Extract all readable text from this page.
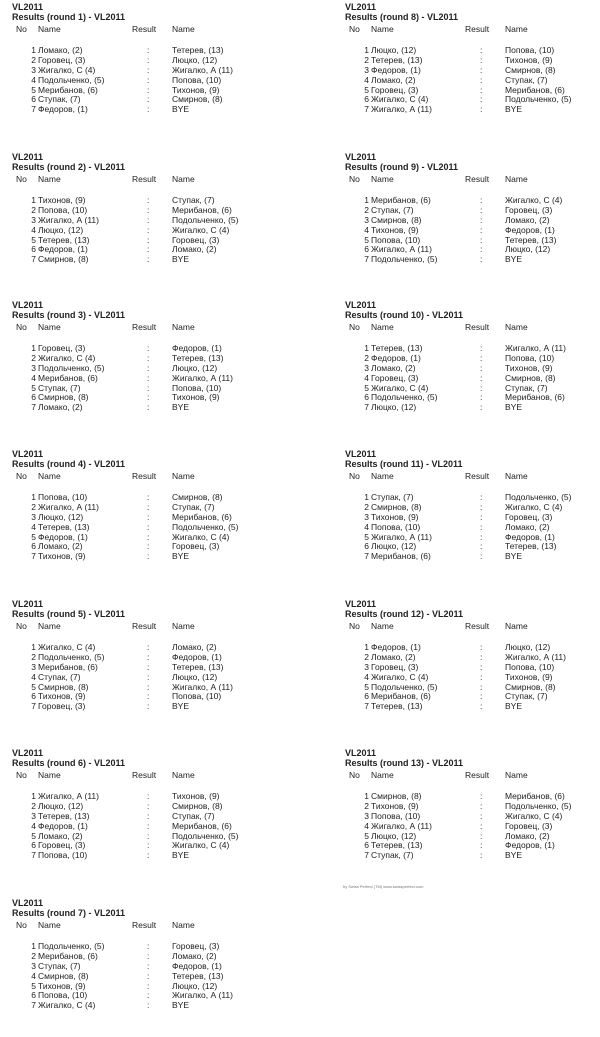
VL2011
Results (round 1) - VL2011
No Name	Result Name
1 Ломако, (2)	:	Тетерев, (13)
2 Горовец, (3)	:	Люцко, (12)
3 Жигалко, С (4)	:	Жигалко, А (11)
4 Подольченко, (5)	:	Попова, (10)
5 Мерибанов, (6)	:	Тихонов, (9)
6 Ступак, (7)	:	Смирнов, (8)
7 Федоров, (1)	:	BYE
VL2011
Results (round 2) - VL2011
No Name	Result Name
1 Тихонов, (9)	:	Ступак, (7)
2 Попова, (10)	:	Мерибанов, (6)
3 Жигалко, А (11)	:	Подольченко, (5)
4 Люцко, (12)	:	Жигалко, С (4)
5 Тетерев, (13)	:	Горовец, (3)
6 Федоров, (1)	:	Ломако, (2)
7 Смирнов, (8)	:	BYE
VL2011
Results (round 3) - VL2011
No Name	Result Name
1 Горовец, (3)	:	Федоров, (1)
2 Жигалко, С (4)	:	Тетерев, (13)
3 Подольченко, (5)	:	Люцко, (12)
4 Мерибанов, (6)	:	Жигалко, А (11)
5 Ступак, (7)	:	Попова, (10)
6 Смирнов, (8)	:	Тихонов, (9)
7 Ломако, (2)	:	BYE
VL2011
Results (round 4) - VL2011
No Name	Result Name
1 Попова, (10)	:	Смирнов, (8)
2 Жигалко, А (11)	:	Ступак, (7)
3 Люцко, (12)	:	Мерибанов, (6)
4 Тетерев, (13)	:	Подольченко, (5)
5 Федоров, (1)	:	Жигалко, С (4)
6 Ломако, (2)	:	Горовец, (3)
7 Тихонов, (9)	:	BYE
VL2011
Results (round 5) - VL2011
No Name	Result Name
1 Жигалко, С (4)	:	Ломако, (2)
2 Подольченко, (5)	:	Федоров, (1)
3 Мерибанов, (6)	:	Тетерев, (13)
4 Ступак, (7)	:	Люцко, (12)
5 Смирнов, (8)	:	Жигалко, А (11)
6 Тихонов, (9)	:	Попова, (10)
7 Горовец, (3)	:	BYE
VL2011
Results (round 6) - VL2011
No Name	Result Name
1 Жигалко, А (11)	:	Тихонов, (9)
2 Люцко, (12)	:	Смирнов, (8)
3 Тетерев, (13)	:	Ступак, (7)
4 Федоров, (1)	:	Мерибанов, (6)
5 Ломако, (2)	:	Подольченко, (5)
6 Горовец, (3)	:	Жигалко, С (4)
7 Попова, (10)	:	BYE
VL2011
Results (round 7) - VL2011
No Name	Result Name
1 Подольченко, (5)	:	Горовец, (3)
2 Мерибанов, (6)	:	Ломако, (2)
3 Ступак, (7)	:	Федоров, (1)
4 Смирнов, (8)	:	Тетерев, (13)
5 Тихонов, (9)	:	Люцко, (12)
6 Попова, (10)	:	Жигалко, А (11)
7 Жигалко, С (4)	:	BYE
VL2011
Results (round 8) - VL2011
No Name	Result Name
1 Люцко, (12)	:	Попова, (10)
2 Тетерев, (13)	:	Тихонов, (9)
3 Федоров, (1)	:	Смирнов, (8)
4 Ломако, (2)	:	Ступак, (7)
5 Горовец, (3)	:	Мерибанов, (6)
6 Жигалко, С (4)	:	Подольченко, (5)
7 Жигалко, А (11)	:	BYE
VL2011
Results (round 9) - VL2011
No Name	Result Name
1 Мерибанов, (6)	:	Жигалко, С (4)
2 Ступак, (7)	:	Горовец, (3)
3 Смирнов, (8)	:	Ломако, (2)
4 Тихонов, (9)	:	Федоров, (1)
5 Попова, (10)	:	Тетерев, (13)
6 Жигалко, А (11)	:	Люцко, (12)
7 Подольченко, (5)	:	BYE
VL2011
Results (round 10) - VL2011
No Name	Result Name
1 Тетерев, (13)	:	Жигалко, А (11)
2 Федоров, (1)	:	Попова, (10)
3 Ломако, (2)	:	Тихонов, (9)
4 Горовец, (3)	:	Смирнов, (8)
5 Жигалко, С (4)	:	Ступак, (7)
6 Подольченко, (5)	:	Мерибанов, (6)
7 Люцко, (12)	:	BYE
VL2011
Results (round 11) - VL2011
No Name	Result Name
1 Ступак, (7)	:	Подольченко, (5)
2 Смирнов, (8)	:	Жигалко, С (4)
3 Тихонов, (9)	:	Горовец, (3)
4 Попова, (10)	:	Ломако, (2)
5 Жигалко, А (11)	:	Федоров, (1)
6 Люцко, (12)	:	Тетерев, (13)
7 Мерибанов, (6)	:	BYE
VL2011
Results (round 12) - VL2011
No Name	Result Name
1 Федоров, (1)	:	Люцко, (12)
2 Ломако, (2)	:	Жигалко, А (11)
3 Горовец, (3)	:	Попова, (10)
4 Жигалко, С (4)	:	Тихонов, (9)
5 Подольченко, (5)	:	Смирнов, (8)
6 Мерибанов, (6)	:	Ступак, (7)
7 Тетерев, (13)	:	BYE
VL2011
Results (round 13) - VL2011
No Name	Result Name
1 Смирнов, (8)	:	Мерибанов, (6)
2 Тихонов, (9)	:	Подольченко, (5)
3 Попова, (10)	:	Жигалко, С (4)
4 Жигалко, А (11)	:	Горовец, (3)
5 Люцко, (12)	:	Ломако, (2)
6 Тетерев, (13)	:	Федоров, (1)
7 Ступак, (7)	:	BYE
by Swiss Perfect (TM) www.swissperfect.com
